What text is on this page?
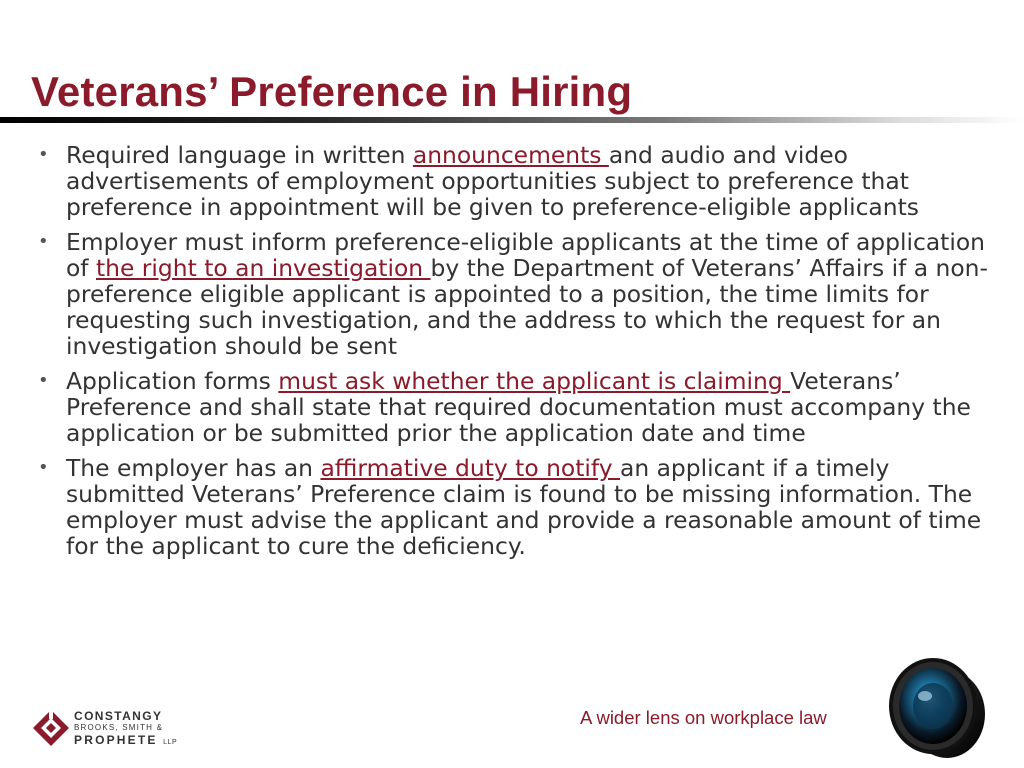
Veterans’ Preference in Hiring
• Required language in written announcements and audio and video advertisements of employment opportunities subject to preference that preference in appointment will be given to preference-eligible applicants
• Employer must inform preference-eligible applicants at the time of application of the right to an investigation by the Department of Veterans’ Affairs if a non-preference eligible applicant is appointed to a position, the time limits for requesting such investigation, and the address to which the request for an investigation should be sent
• Application forms must ask whether the applicant is claiming Veterans’ Preference and shall state that required documentation must accompany the application or be submitted prior the application date and time
• The employer has an affirmative duty to notify an applicant if a timely submitted Veterans’ Preference claim is found to be missing information. The employer must advise the applicant and provide a reasonable amount of time for the applicant to cure the deficiency.
CONSTANGY
BROOKS, SMITH &
PROPHETE LLP
A wider lens on workplace law
